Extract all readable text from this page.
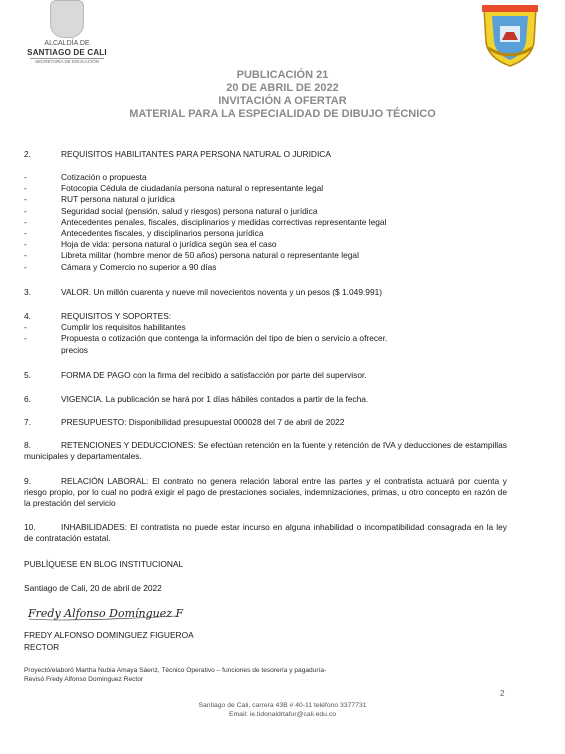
ALCALDÍA DE
SANTIAGO DE CALI
SECRETARÍA DE EDUCACIÓN
PUBLICACIÓN 21
20 DE ABRIL DE 2022
INVITACIÓN A OFERTAR
MATERIAL PARA LA ESPECIALIDAD DE DIBUJO TÉCNICO
2.	REQUISITOS HABILITANTES PARA PERSONA NATURAL O JURIDICA
-	Cotización o propuesta
-	Fotocopia Cédula de ciudadanía persona natural o representante legal
-	RUT persona natural o jurídica
-	Seguridad social (pensión, salud y riesgos) persona natural o jurídica
-	Antecedentes penales, fiscales, disciplinarios y medidas correctivas representante legal
-	Antecedentes fiscales, y disciplinarios persona jurídica
-	Hoja de vida: persona natural o jurídica según sea el caso
-	Libreta militar (hombre menor de 50 años) persona natural o representante legal
-	Cámara y Comercio no superior a 90 días
3.	VALOR. Un millón cuarenta y nueve mil novecientos noventa y un pesos ($ 1.049.991)
4.	REQUISITOS Y SOPORTES:
-	Cumplir los requisitos habilitantes
-	Propuesta o cotización que contenga la información del tipo de bien o servicio a ofrecer.
precios
5.	FORMA DE PAGO con la firma del recibido a satisfacción por parte del supervisor.
6.	VIGENCIA. La publicación se hará por 1 días hábiles contados a partir de la fecha.
7.	PRESUPUESTO: Disponibilidad presupuestal 000028 del 7 de abril de 2022
8.	RETENCIONES Y DEDUCCIONES: Se efectúan retención en la fuente y retención de IVA y deducciones de estampillas municipales y departamentales.
9.	RELACIÓN LABORAL: El contrato no genera relación laboral entre las partes y el contratista actuará por cuenta y riesgo propio, por lo cual no podrá exigir el pago de prestaciones sociales, indemnizaciones, primas, u otro concepto en razón de la prestación del servicio
10.	INHABILIDADES: El contratista no puede estar incurso en alguna inhabilidad o incompatibilidad consagrada en la ley de contratación estatal.
PUBLÍQUESE EN BLOG INSTITUCIONAL
Santiago de Cali, 20 de abril de 2022
Fredy Alfonso Domínguez F
FREDY ALFONSO DOMINGUEZ FIGUEROA
RECTOR
Proyectó/elaboró Martha Nubia Amaya Sáenz, Técnico Operativo – funciones de tesorería y pagaduría-
Revisó Fredy Alfonso Domínguez Rector
2
Santiago de Cali, carrera 43B # 40-11 teléfono 3377731
Email: ie.tidonaldrtafur@cali.edu.co
